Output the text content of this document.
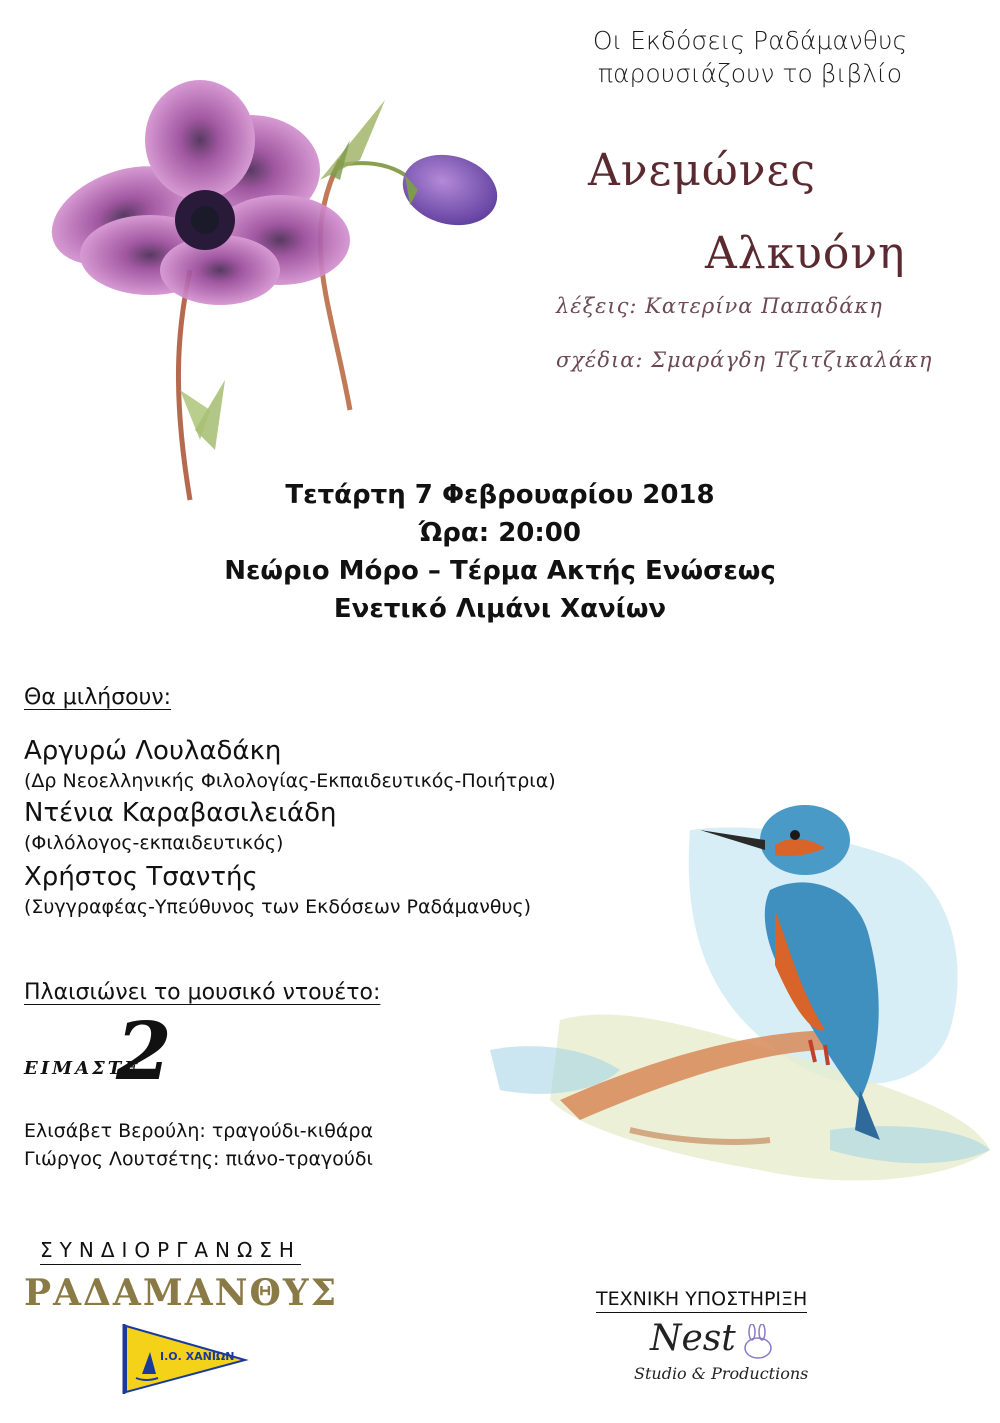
Οι Εκδόσεις Ραδάμανθυς
παρουσιάζουν το βιβλίο
Ανεμώνες
Αλκυόνη
λέξεις: Κατερίνα Παπαδάκη
σχέδια: Σμαράγδη Τζιτζικαλάκη
Τετάρτη 7 Φεβρουαρίου 2018
Ώρα: 20:00
Νεώριο Μόρο – Τέρμα Ακτής Ενώσεως
Ενετικό Λιμάνι Χανίων
Θα μιλήσουν:
Αργυρώ Λουλαδάκη
(Δρ Νεοελληνικής Φιλολογίας-Εκπαιδευτικός-Ποιήτρια)
Ντένια Καραβασιλειάδη
(Φιλόλογος-εκπαιδευτικός)
Χρήστος Τσαντής
(Συγγραφέας-Υπεύθυνος των Εκδόσεων Ραδάμανθυς)
Πλαισιώνει το μουσικό ντουέτο:
ΕΙΜΑΣΤΕ
2
Ελισάβετ Βερούλη: τραγούδι-κιθάρα
Γιώργος Λουτσέτης: πιάνο-τραγούδι
ΣΥΝΔΙΟΡΓΑΝΩΣΗ
ΡΑΔΑΜΑΝΘΥΣ
Ι.Ο. ΧΑΝΙΩΝ
ΤΕΧΝΙΚΗ ΥΠΟΣΤΗΡΙΞΗ
Nest
Studio & Productions
